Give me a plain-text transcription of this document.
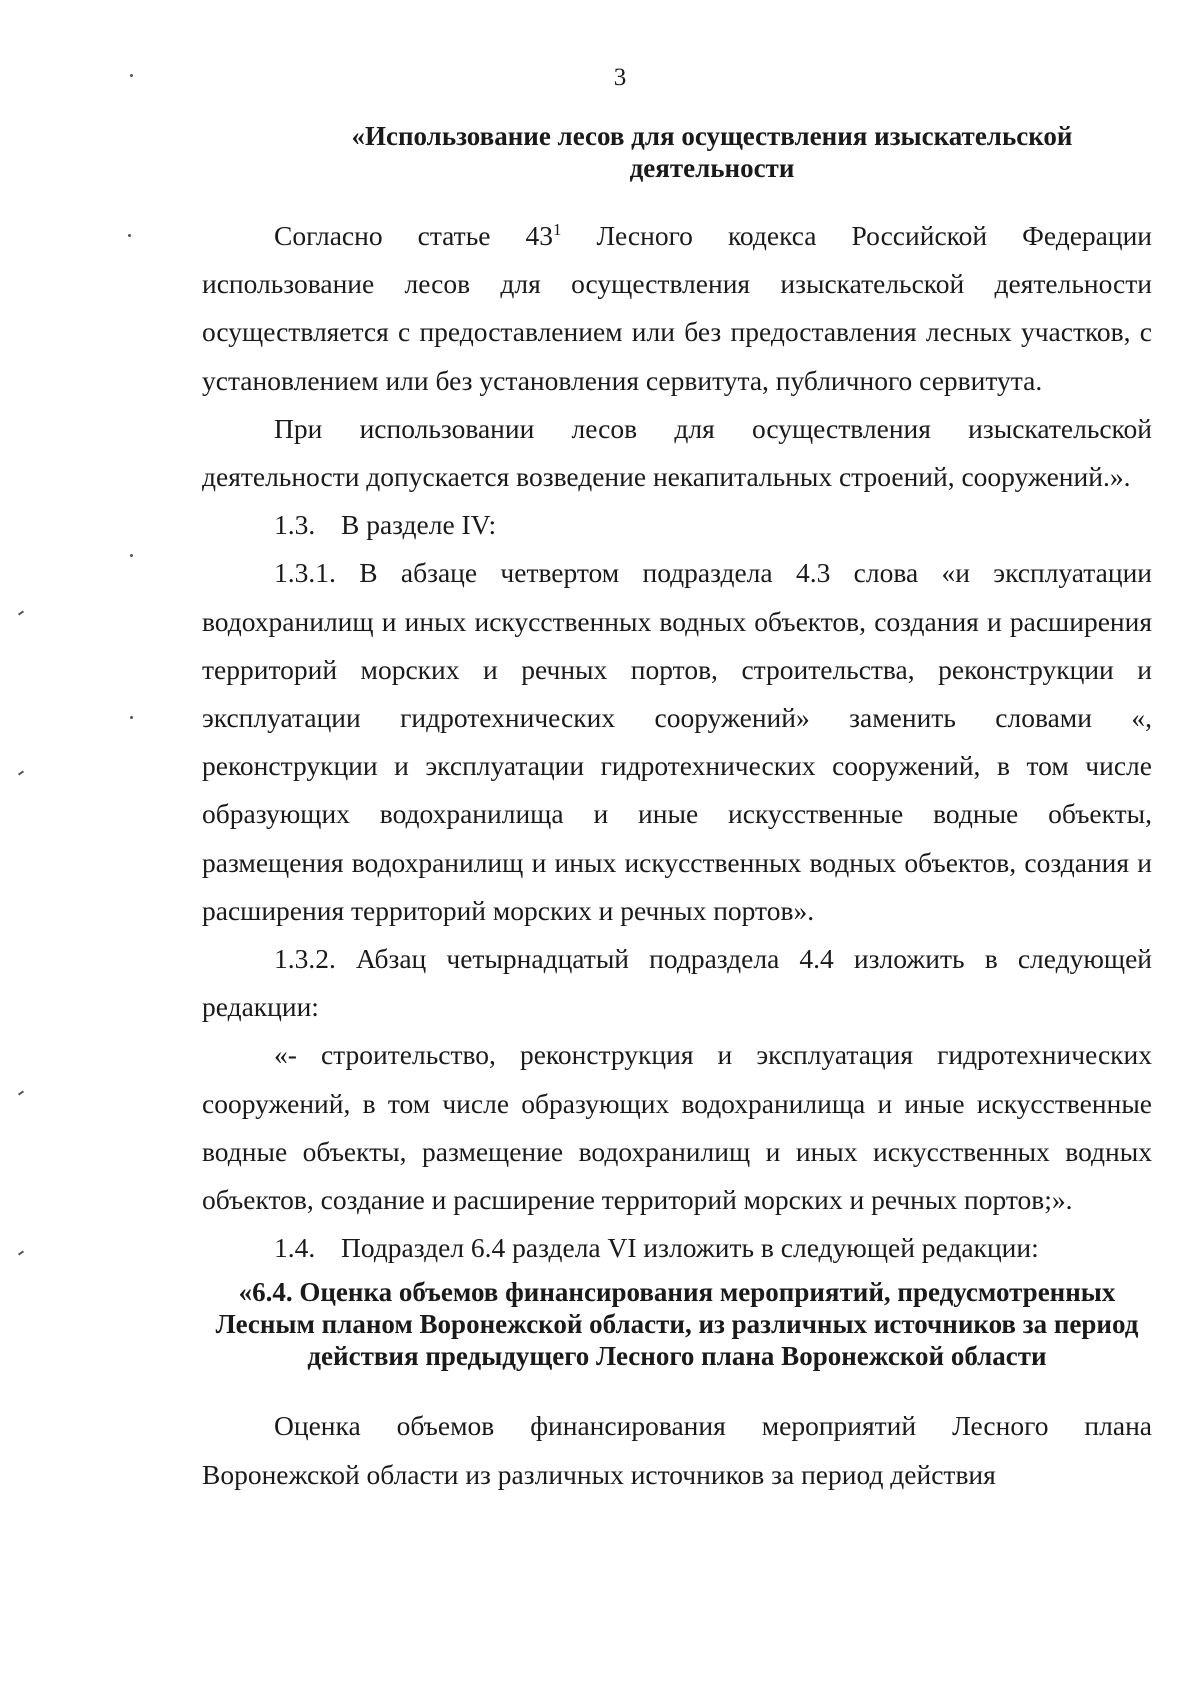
3
«Использование лесов для осуществления изыскательской деятельности

Согласно статье $43^1$ Лесного кодекса Российской Федерации использование лесов для осуществления изыскательской деятельности осуществляется с предоставлением или без предоставления лесных участков, с установлением или без установления сервитута, публичного сервитута.

При использовании лесов для осуществления изыскательской деятельности допускается возведение некапитальных строений, сооружений.».

1.3. В разделе IV:

1.3.1. В абзаце четвертом подраздела 4.3 слова «и эксплуатации водохранилищ и иных искусственных водных объектов, создания и расширения территорий морских и речных портов, строительства, реконструкции и эксплуатации гидротехнических сооружений» заменить словами «, реконструкции и эксплуатации гидротехнических сооружений, в том числе образующих водохранилища и иные искусственные водные объекты, размещения водохранилищ и иных искусственных водных объектов, создания и расширения территорий морских и речных портов».

1.3.2. Абзац четырнадцатый подраздела 4.4 изложить в следующей редакции:

«- строительство, реконструкция и эксплуатация гидротехнических сооружений, в том числе образующих водохранилища и иные искусственные водные объекты, размещение водохранилищ и иных искусственных водных объектов, создание и расширение территорий морских и речных портов;».

1.4. Подраздел 6.4 раздела VI изложить в следующей редакции:

«6.4. Оценка объемов финансирования мероприятий, предусмотренных Лесным планом Воронежской области, из различных источников за период действия предыдущего Лесного плана Воронежской области

Оценка объемов финансирования мероприятий Лесного плана Воронежской области из различных источников за период действия
